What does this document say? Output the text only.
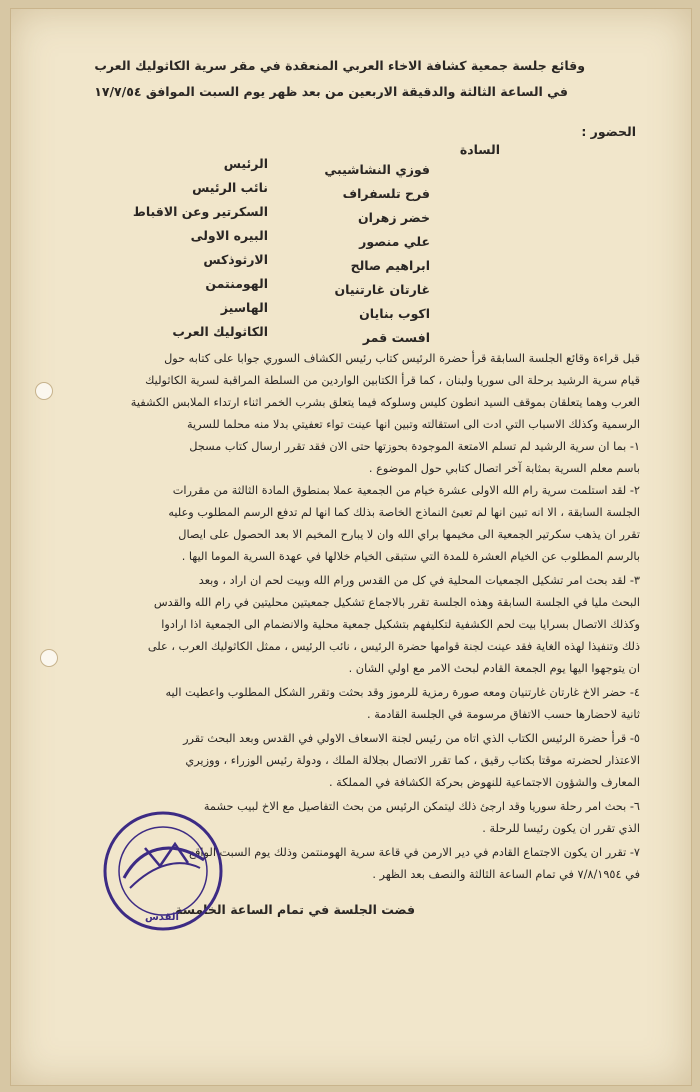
وقائع جلسة جمعية كشافة الاخاء العربي المنعقدة في مقر سرية الكاثوليك العرب
في الساعة الثالثة والدقيقة الاربعين من بعد ظهر يوم السبت الموافق ١٧/٧/٥٤
الحضور :
السادة
فوزي النشاشيبي
الرئيس
فرح تلسفراف
نائب الرئيس
خضر زهران
السكرتير وعن الاقباط
علي منصور
البيره الاولى
ابراهيم صالح
الارثوذكس
غارتان غارتنيان
الهومنتمن
اكوب بنايان
الهاسيز
افست قمر
الكاثوليك العرب
قبل قراءة وقائع الجلسة السابقة قرأ حضرة الرئيس كتاب رئيس الكشاف السوري جوابا على كتابه حول
قيام سرية الرشيد برحلة الى سوريا ولبنان ، كما قرأ الكتابين الواردين من السلطة المراقبة لسرية الكاثوليك
العرب وهما يتعلقان بموقف السيد انطون كليس وسلوكه فيما يتعلق بشرب الخمر اثناء ارتداء الملابس الكشفية
الرسمية وكذلك الاسباب التي ادت الى استقالته وتبين انها عينت تواء تعفيتي بدلا منه محلما للسرية
١- بما ان سرية الرشيد لم تسلم الامتعة الموجودة بحوزتها حتى الان فقد تقرر ارسال كتاب مسجل
باسم معلم السرية بمثابة آخر اتصال كتابي حول الموضوع .
٢- لقد استلمت سرية رام الله الاولى عشرة خيام من الجمعية عملا بمنطوق المادة الثالثة من مقررات
الجلسة السابقة ، الا انه تبين انها لم تعبئ النماذج الخاصة بذلك كما انها لم تدفع الرسم المطلوب وعليه
تقرر ان يذهب سكرتير الجمعية الى مخيمها براي الله وان لا يبارح المخيم الا بعد الحصول على ايصال
بالرسم المطلوب عن الخيام العشرة للمدة التي ستبقى الخيام خلالها في عهدة السرية الموما اليها .
٣- لقد بحث امر تشكيل الجمعيات المحلية في كل من القدس ورام الله وبيت لحم ان اراد ، وبعد
البحث مليا في الجلسة السابقة وهذه الجلسة تقرر بالاجماع تشكيل جمعيتين محليتين في رام الله والقدس
وكذلك الاتصال بسرايا بيت لحم الكشفية لتكليفهم بتشكيل جمعية محلية والانضمام الى الجمعية اذا ارادوا
ذلك وتنفيذا لهذه الغاية فقد عينت لجنة قوامها حضرة الرئيس ، نائب الرئيس ، ممثل الكاثوليك العرب ، على
ان يتوجهوا اليها يوم الجمعة القادم لبحث الامر مع اولي الشان .
٤- حضر الاخ غارتان غارتنيان ومعه صورة رمزية للرموز وقد بحثت وتقرر الشكل المطلوب واعطيت اليه
ثانية لاحضارها حسب الاتفاق مرسومة في الجلسة القادمة .
٥- قرأ حضرة الرئيس الكتاب الذي اتاه من رئيس لجنة الاسعاف الاولي في القدس وبعد البحث تقرر
الاعتذار لحضرته موقتا بكتاب رقيق ، كما تقرر الاتصال بجلالة الملك ، ودولة رئيس الوزراء ، ووزيري
المعارف والشؤون الاجتماعية للنهوض بحركة الكشافة في المملكة .
٦- بحث امر رحلة سوريا وقد ارجئ ذلك ليتمكن الرئيس من بحث التفاصيل مع الاخ لبيب حشمة
الذي تقرر ان يكون رئيسا للرحلة .
٧- تقرر ان يكون الاجتماع القادم في دير الارمن في قاعة سرية الهومنتمن وذلك يوم السبت الواقع
في ٧/٨/١٩٥٤ في تمام الساعة الثالثة والنصف بعد الظهر .
فضت الجلسة في تمام الساعة الخامسة
القدس
